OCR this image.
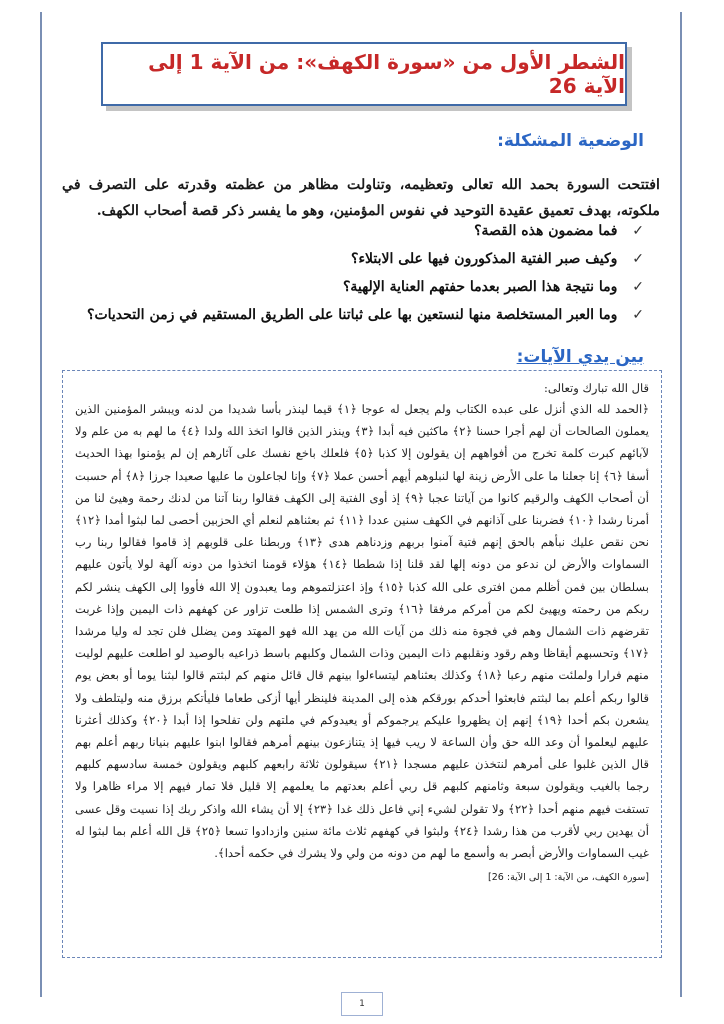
الشطر الأول من «سورة الكهف»: من الآية 1 إلى الآية 26
الوضعية المشكلة:

افتتحت السورة بحمد الله تعالى وتعظيمه، وتناولت مظاهر من عظمته وقدرته على التصرف في ملكوته، بهدف تعميق عقيدة التوحيد في نفوس المؤمنين، وهو ما يفسر ذكر قصة أصحاب الكهف.

✓ فما مضمون هذه القصة؟
✓ وكيف صبر الفتية المذكورون فيها على الابتلاء؟
✓ وما نتيجة هذا الصبر بعدما حفتهم العناية الإلهية؟
✓ وما العبر المستخلصة منها لنستعين بها على ثباتنا على الطريق المستقيم في زمن التحديات؟
بين يدي الآيات:

قال الله تبارك وتعالى:

﴿الحمد لله الذي أنزل على عبده الكتاب ولم يجعل له عوجا ﴿١﴾ قيما لينذر بأسا شديدا من لدنه ويبشر المؤمنين الذين يعملون الصالحات أن لهم أجرا حسنا ﴿٢﴾ ماكثين فيه أبدا ﴿٣﴾ وينذر الذين قالوا اتخذ الله ولدا ﴿٤﴾ ما لهم به من علم ولا لآبائهم كبرت كلمة تخرج من أفواههم إن يقولون إلا كذبا ﴿٥﴾ فلعلك باخع نفسك على آثارهم إن لم يؤمنوا بهذا الحديث أسفا ﴿٦﴾ إنا جعلنا ما على الأرض زينة لها لنبلوهم أيهم أحسن عملا ﴿٧﴾ وإنا لجاعلون ما عليها صعيدا جرزا ﴿٨﴾ أم حسبت أن أصحاب الكهف والرقيم كانوا من آياتنا عجبا ﴿٩﴾ إذ أوى الفتية إلى الكهف فقالوا ربنا آتنا من لدنك رحمة وهيئ لنا من أمرنا رشدا ﴿١٠﴾ فضربنا على آذانهم في الكهف سنين عددا ﴿١١﴾ ثم بعثناهم لنعلم أي الحزبين أحصى لما لبثوا أمدا ﴿١٢﴾ نحن نقص عليك نبأهم بالحق إنهم فتية آمنوا بربهم وزدناهم هدى ﴿١٣﴾ وربطنا على قلوبهم إذ قاموا فقالوا ربنا رب السماوات والأرض لن ندعو من دونه إلها لقد قلنا إذا شططا ﴿١٤﴾ هؤلاء قومنا اتخذوا من دونه آلهة لولا يأتون عليهم بسلطان بين فمن أظلم ممن افترى على الله كذبا ﴿١٥﴾ وإذ اعتزلتموهم وما يعبدون إلا الله فأووا إلى الكهف ينشر لكم ربكم من رحمته ويهيئ لكم من أمركم مرفقا ﴿١٦﴾ وترى الشمس إذا طلعت تزاور عن كهفهم ذات اليمين وإذا غربت تقرضهم ذات الشمال وهم في فجوة منه ذلك من آيات الله من يهد الله فهو المهتد ومن يضلل فلن تجد له وليا مرشدا ﴿١٧﴾ وتحسبهم أيقاظا وهم رقود ونقلبهم ذات اليمين وذات الشمال وكلبهم باسط ذراعيه بالوصيد لو اطلعت عليهم لوليت منهم فرارا ولملئت منهم رعبا ﴿١٨﴾ وكذلك بعثناهم ليتساءلوا بينهم قال قائل منهم كم لبثتم قالوا لبثنا يوما أو بعض يوم قالوا ربكم أعلم بما لبثتم فابعثوا أحدكم بورقكم هذه إلى المدينة فلينظر أيها أزكى طعاما فليأتكم برزق منه وليتلطف ولا يشعرن بكم أحدا ﴿١٩﴾ إنهم إن يظهروا عليكم يرجموكم أو يعيدوكم في ملتهم ولن تفلحوا إذا أبدا ﴿٢٠﴾ وكذلك أعثرنا عليهم ليعلموا أن وعد الله حق وأن الساعة لا ريب فيها إذ يتنازعون بينهم أمرهم فقالوا ابنوا عليهم بنيانا ربهم أعلم بهم قال الذين غلبوا على أمرهم لنتخذن عليهم مسجدا ﴿٢١﴾ سيقولون ثلاثة رابعهم كلبهم ويقولون خمسة سادسهم كلبهم رجما بالغيب ويقولون سبعة وثامنهم كلبهم قل ربي أعلم بعدتهم ما يعلمهم إلا قليل فلا تمار فيهم إلا مراء ظاهرا ولا تستفت فيهم منهم أحدا ﴿٢٢﴾ ولا تقولن لشيء إني فاعل ذلك غدا ﴿٢٣﴾ إلا أن يشاء الله واذكر ربك إذا نسيت وقل عسى أن يهدين ربي لأقرب من هذا رشدا ﴿٢٤﴾ ولبثوا في كهفهم ثلاث مائة سنين وازدادوا تسعا ﴿٢٥﴾ قل الله أعلم بما لبثوا له غيب السماوات والأرض أبصر به وأسمع ما لهم من دونه من ولي ولا يشرك في حكمه أحدا﴾.

[سورة الكهف، من الآية: 1 إلى الآية: 26]
1
